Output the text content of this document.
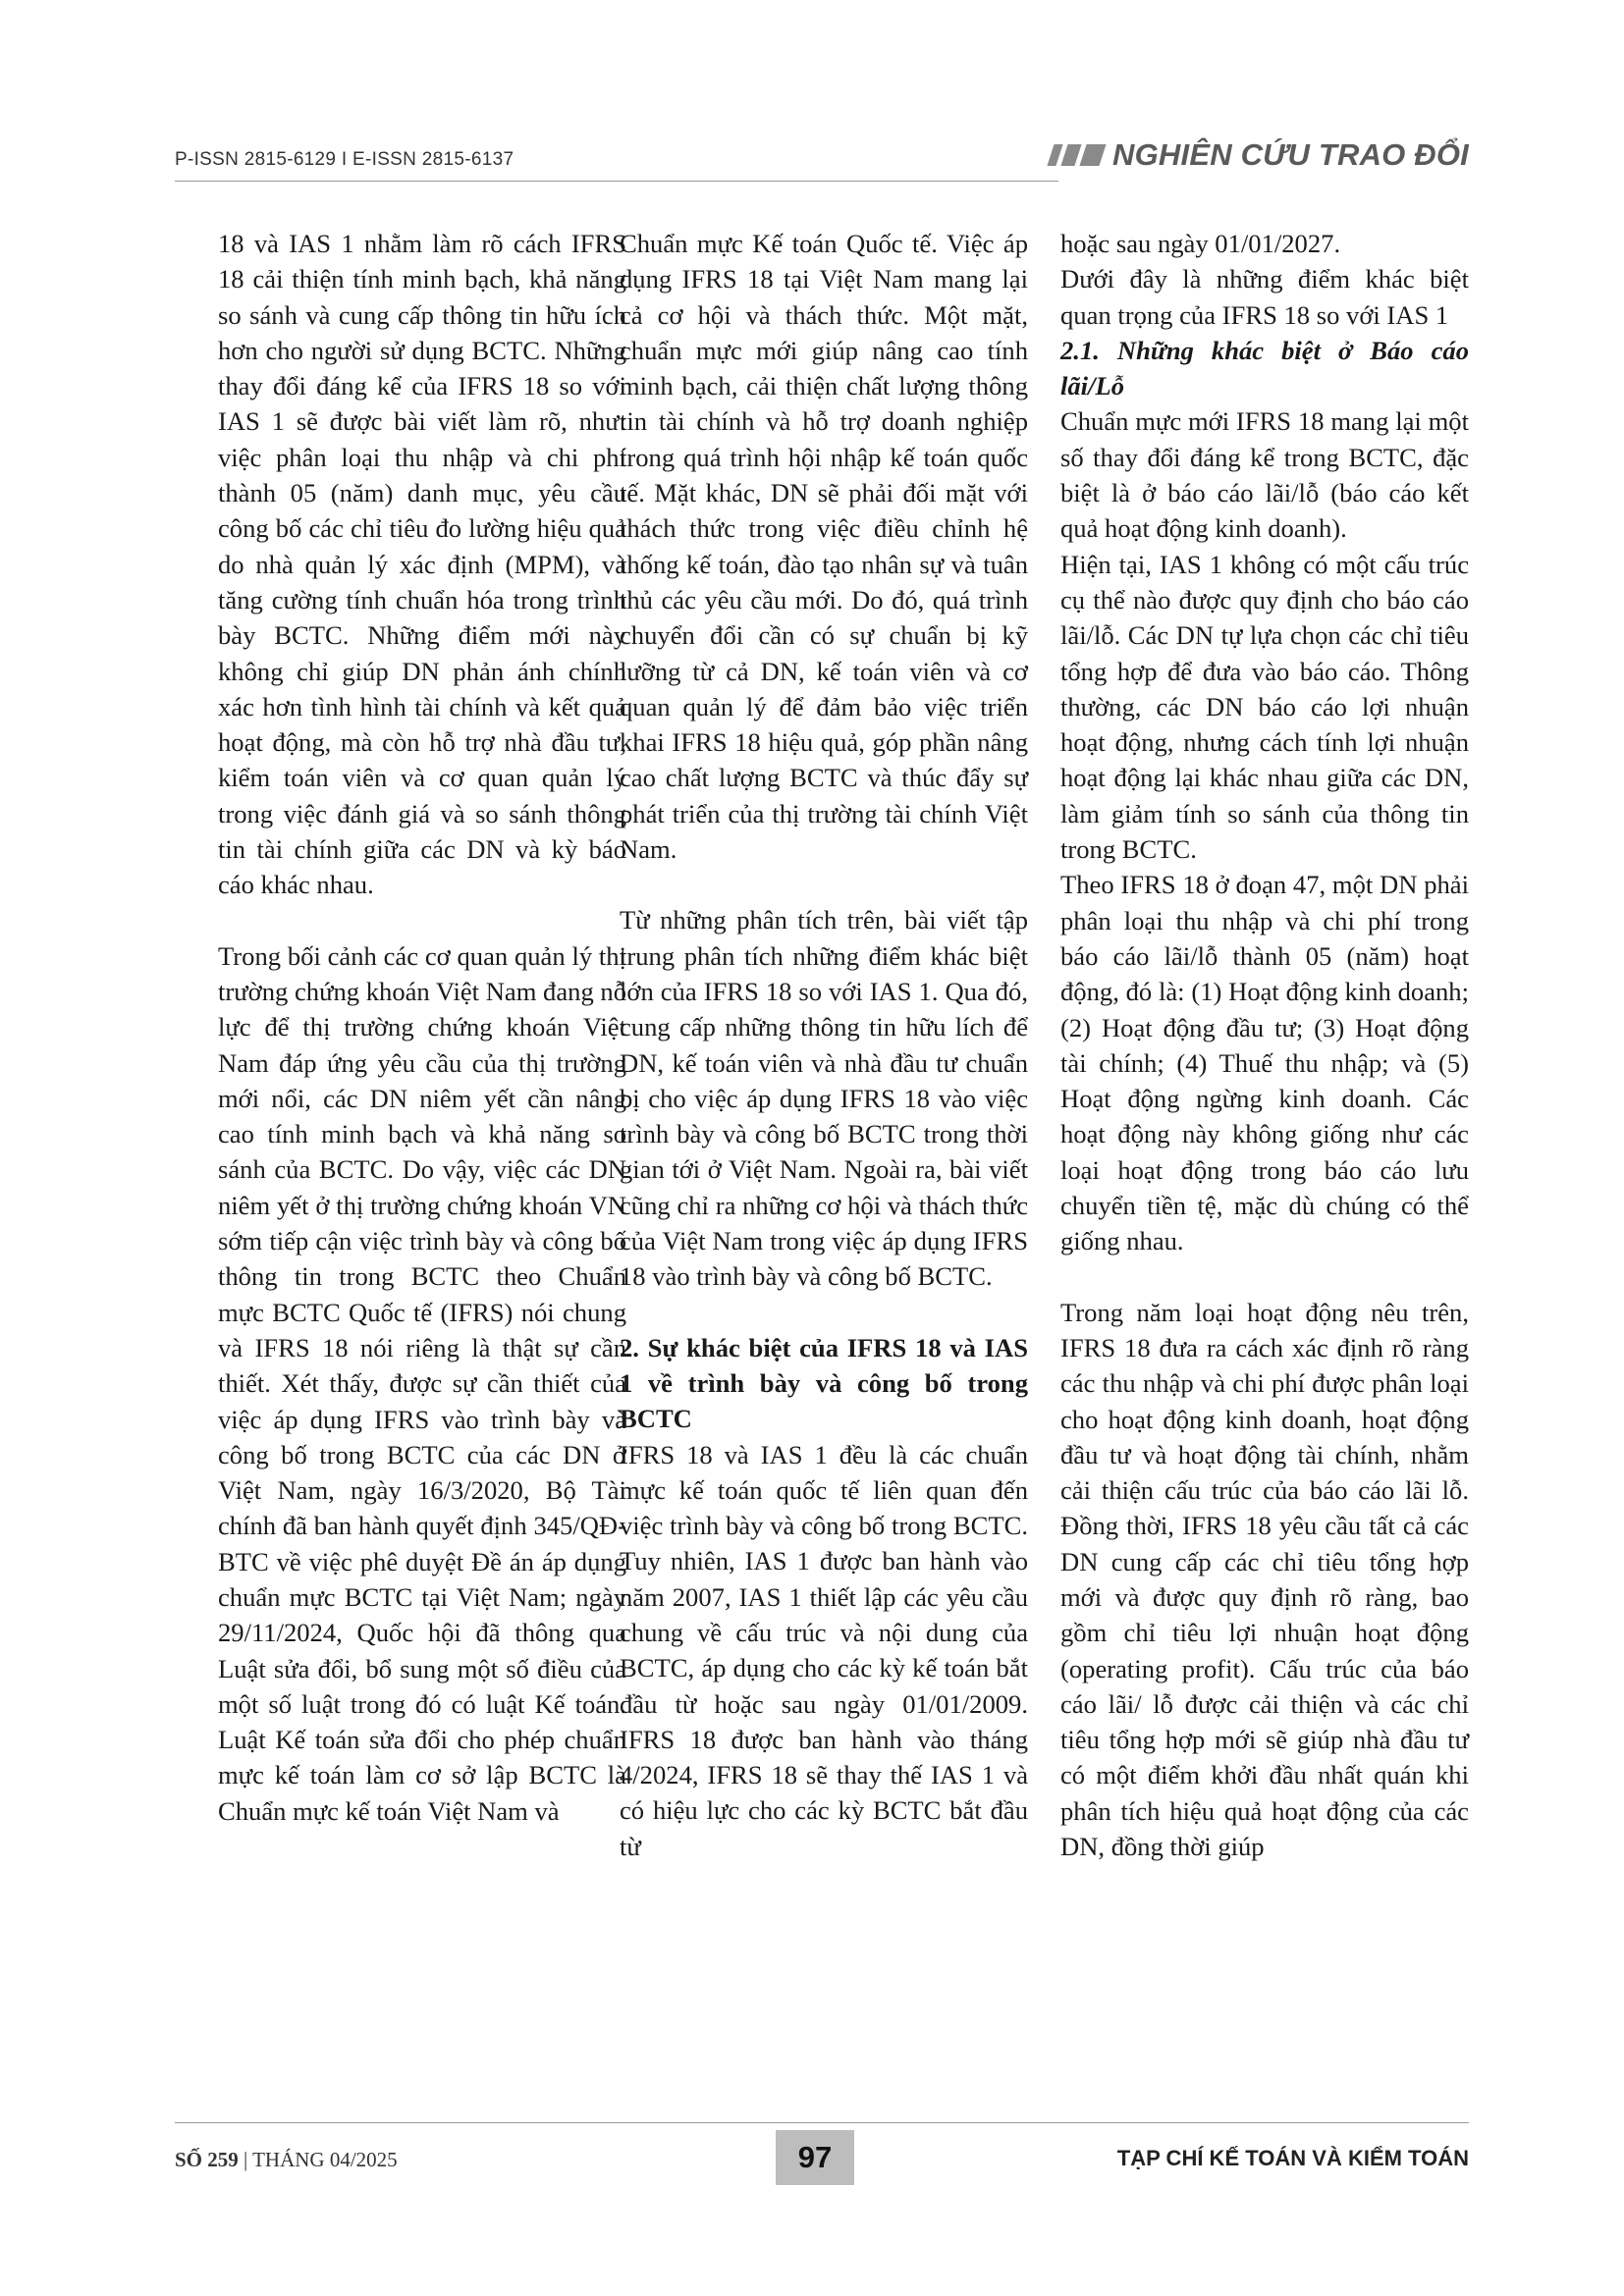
P-ISSN 2815-6129 I E-ISSN 2815-6137	NGHIÊN CỨU TRAO ĐỔI

18 và IAS 1 nhằm làm rõ cách IFRS 18 cải thiện tính minh bạch, khả năng so sánh và cung cấp thông tin hữu ích hơn cho người sử dụng BCTC. Những thay đổi đáng kể của IFRS 18 so với IAS 1 sẽ được bài viết làm rõ, như: việc phân loại thu nhập và chi phí thành 05 (năm) danh mục, yêu cầu công bố các chỉ tiêu đo lường hiệu quả do nhà quản lý xác định (MPM), và tăng cường tính chuẩn hóa trong trình bày BCTC. Những điểm mới này không chỉ giúp DN phản ánh chính xác hơn tình hình tài chính và kết quả hoạt động, mà còn hỗ trợ nhà đầu tư, kiểm toán viên và cơ quan quản lý trong việc đánh giá và so sánh thông tin tài chính giữa các DN và kỳ báo cáo khác nhau.

Trong bối cảnh các cơ quan quản lý thị trường chứng khoán Việt Nam đang nỗ lực để thị trường chứng khoán Việt Nam đáp ứng yêu cầu của thị trường mới nổi, các DN niêm yết cần nâng cao tính minh bạch và khả năng so sánh của BCTC. Do vậy, việc các DN niêm yết ở thị trường chứng khoán VN sớm tiếp cận việc trình bày và công bố thông tin trong BCTC theo Chuẩn mực BCTC Quốc tế (IFRS) nói chung và IFRS 18 nói riêng là thật sự cần thiết. Xét thấy, được sự cần thiết của việc áp dụng IFRS vào trình bày và công bố trong BCTC của các DN ở Việt Nam, ngày 16/3/2020, Bộ Tài chính đã ban hành quyết định 345/QĐ-BTC về việc phê duyệt Đề án áp dụng chuẩn mực BCTC tại Việt Nam; ngày 29/11/2024, Quốc hội đã thông qua Luật sửa đổi, bổ sung một số điều của một số luật trong đó có luật Kế toán. Luật Kế toán sửa đổi cho phép chuẩn mực kế toán làm cơ sở lập BCTC là Chuẩn mực kế toán Việt Nam và

Chuẩn mực Kế toán Quốc tế. Việc áp dụng IFRS 18 tại Việt Nam mang lại cả cơ hội và thách thức. Một mặt, chuẩn mực mới giúp nâng cao tính minh bạch, cải thiện chất lượng thông tin tài chính và hỗ trợ doanh nghiệp trong quá trình hội nhập kế toán quốc tế. Mặt khác, DN sẽ phải đối mặt với thách thức trong việc điều chỉnh hệ thống kế toán, đào tạo nhân sự và tuân thủ các yêu cầu mới. Do đó, quá trình chuyển đổi cần có sự chuẩn bị kỹ lưỡng từ cả DN, kế toán viên và cơ quan quản lý để đảm bảo việc triển khai IFRS 18 hiệu quả, góp phần nâng cao chất lượng BCTC và thúc đẩy sự phát triển của thị trường tài chính Việt Nam.

Từ những phân tích trên, bài viết tập trung phân tích những điểm khác biệt lớn của IFRS 18 so với IAS 1. Qua đó, cung cấp những thông tin hữu lích để DN, kế toán viên và nhà đầu tư chuẩn bị cho việc áp dụng IFRS 18 vào việc trình bày và công bố BCTC trong thời gian tới ở Việt Nam. Ngoài ra, bài viết cũng chỉ ra những cơ hội và thách thức của Việt Nam trong việc áp dụng IFRS 18 vào trình bày và công bố BCTC.

2. Sự khác biệt của IFRS 18 và IAS 1 về trình bày và công bố trong BCTC

IFRS 18 và IAS 1 đều là các chuẩn mực kế toán quốc tế liên quan đến việc trình bày và công bố trong BCTC. Tuy nhiên, IAS 1 được ban hành vào năm 2007, IAS 1 thiết lập các yêu cầu chung về cấu trúc và nội dung của BCTC, áp dụng cho các kỳ kế toán bắt đầu từ hoặc sau ngày 01/01/2009. IFRS 18 được ban hành vào tháng 4/2024, IFRS 18 sẽ thay thế IAS 1 và có hiệu lực cho các kỳ BCTC bắt đầu từ

hoặc sau ngày 01/01/2027.

Dưới đây là những điểm khác biệt quan trọng của IFRS 18 so với IAS 1

2.1. Những khác biệt ở Báo cáo lãi/Lỗ

Chuẩn mực mới IFRS 18 mang lại một số thay đổi đáng kể trong BCTC, đặc biệt là ở báo cáo lãi/lỗ (báo cáo kết quả hoạt động kinh doanh).

Hiện tại, IAS 1 không có một cấu trúc cụ thể nào được quy định cho báo cáo lãi/lỗ. Các DN tự lựa chọn các chỉ tiêu tổng hợp để đưa vào báo cáo. Thông thường, các DN báo cáo lợi nhuận hoạt động, nhưng cách tính lợi nhuận hoạt động lại khác nhau giữa các DN, làm giảm tính so sánh của thông tin trong BCTC.

Theo IFRS 18 ở đoạn 47, một DN phải phân loại thu nhập và chi phí trong báo cáo lãi/lỗ thành 05 (năm) hoạt động, đó là: (1) Hoạt động kinh doanh; (2) Hoạt động đầu tư; (3) Hoạt động tài chính; (4) Thuế thu nhập; và (5) Hoạt động ngừng kinh doanh. Các hoạt động này không giống như các loại hoạt động trong báo cáo lưu chuyển tiền tệ, mặc dù chúng có thể giống nhau.

Trong năm loại hoạt động nêu trên, IFRS 18 đưa ra cách xác định rõ ràng các thu nhập và chi phí được phân loại cho hoạt động kinh doanh, hoạt động đầu tư và hoạt động tài chính, nhằm cải thiện cấu trúc của báo cáo lãi lỗ. Đồng thời, IFRS 18 yêu cầu tất cả các DN cung cấp các chỉ tiêu tổng hợp mới và được quy định rõ ràng, bao gồm chỉ tiêu lợi nhuận hoạt động (operating profit). Cấu trúc của báo cáo lãi/ lỗ được cải thiện và các chỉ tiêu tổng hợp mới sẽ giúp nhà đầu tư có một điểm khởi đầu nhất quán khi phân tích hiệu quả hoạt động của các DN, đồng thời giúp

SỐ 259 | THÁNG 04/2025	97	TẠP CHÍ KẾ TOÁN VÀ KIỂM TOÁN
